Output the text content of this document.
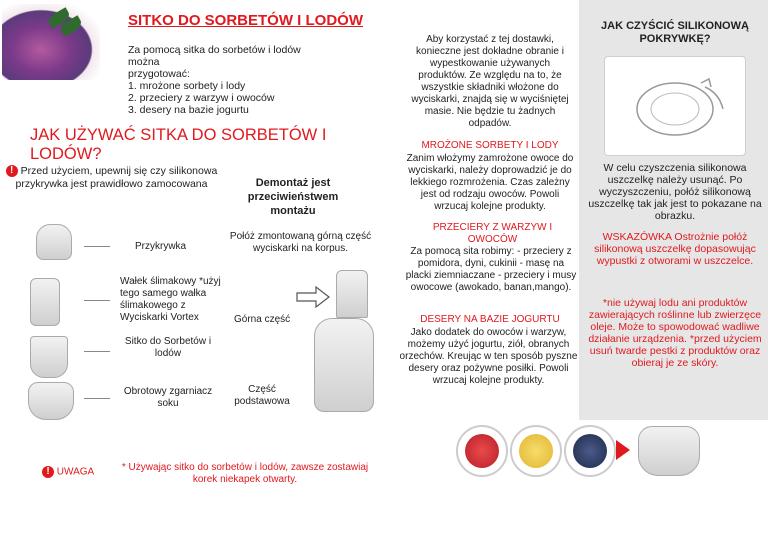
SITKO DO SORBETÓW I LODÓW
Za pomocą sitka do sorbetów i lodów można
przygotować:
1. mrożone sorbety i lody
2. przeciery z warzyw i owoców
3. desery na bazie jogurtu
JAK UŻYWAĆ SITKA DO SORBETÓW I LODÓW?
! Przed użyciem, upewnij się czy silikonowa przykrywka jest prawidłowo zamocowana	Demontaż jest przeciwieństwem montażu
Przykrywka
Wałek ślimakowy *użyj tego samego wałka ślimakowego z Wyciskarki Vortex
Sitko do Sorbetów i lodów
Obrotowy zgarniacz soku
Połóż zmontowaną górną część wyciskarki na korpus.
Górna część
Część podstawowa
! UWAGA	* Używając sitko do sorbetów i lodów, zawsze zostawiaj korek niekapek otwarty.
Aby korzystać z tej dostawki, konieczne jest dokładne obranie i wypestkowanie używanych produktów. Ze względu na to, że wszystkie składniki włożone do wyciskarki, znajdą się w wyciśniętej masie. Nie będzie tu żadnych odpadów.
MROŻONE SORBETY I LODY
Zanim włożymy zamrożone owoce do wyciskarki, należy doprowadzić je do lekkiego rozmrożenia. Czas zależny jest od rodzaju owoców. Powoli wrzucaj kolejne produkty.
PRZECIERY Z WARZYW I OWOCÓW
Za pomocą sita robimy: - przeciery z pomidora, dyni, cukinii - masę na placki ziemniaczane - przeciery i musy owocowe (awokado, banan,mango).
DESERY NA BAZIE JOGURTU
Jako dodatek do owoców i warzyw, możemy użyć jogurtu, ziół, obranych orzechów. Kreując w ten sposób pyszne desery oraz pożywne posiłki. Powoli wrzucaj kolejne produkty.
JAK CZYŚCIĆ SILIKONOWĄ POKRYWKĘ?
W celu czyszczenia silikonowa uszczelkę należy usunąć. Po wyczyszczeniu, połóż silikonową uszczelkę tak jak jest to pokazane na obrazku.
WSKAZÓWKA Ostrożnie połóż silikonową uszczelkę dopasowując wypustki z otworami w uszczelce.
*nie używaj lodu ani produktów zawierających roślinne lub zwierzęce oleje. Może to spowodować wadliwe działanie urządzenia. *przed użyciem usuń twarde pestki z produktów oraz obieraj je ze skóry.
